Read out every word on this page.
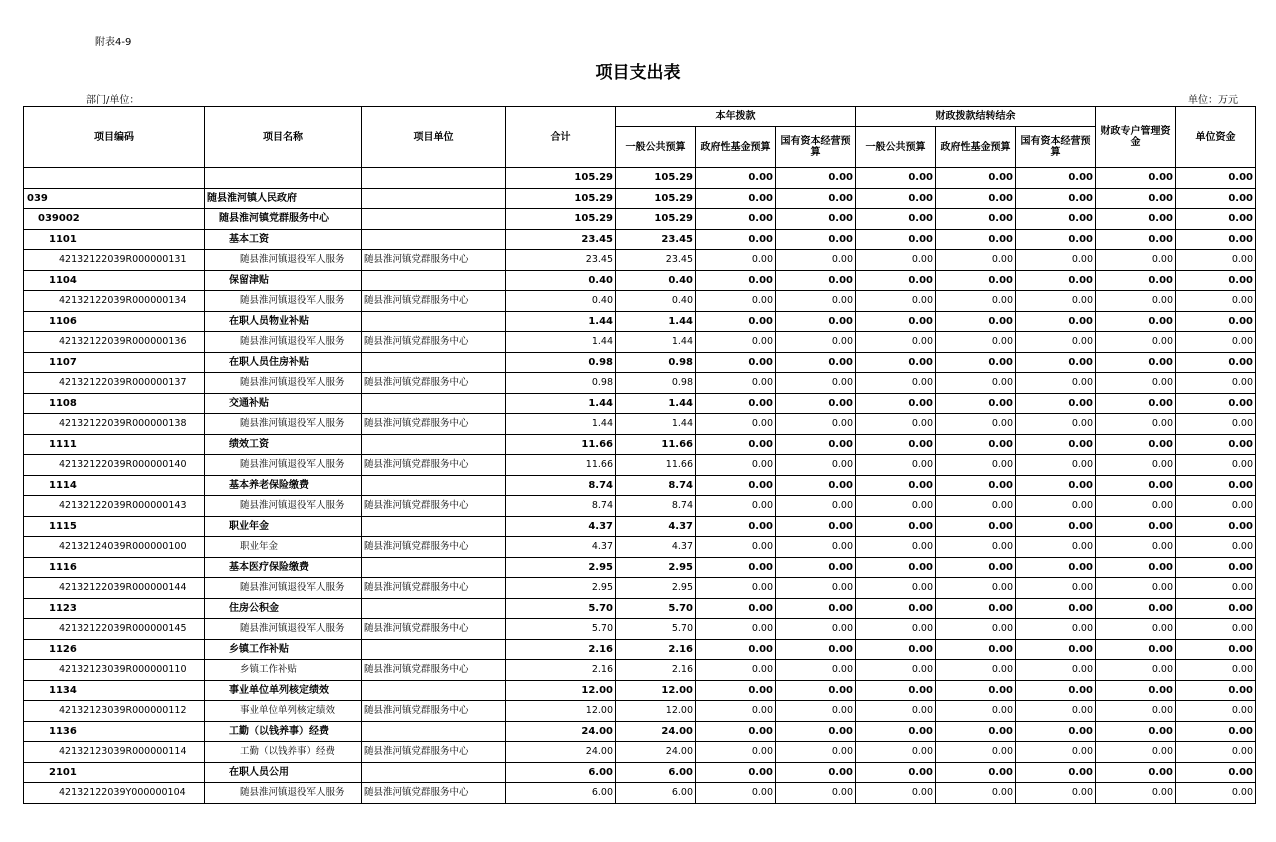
附表4-9
项目支出表
部门/单位：	单位：万元
项目编码	项目名称	项目单位	合计	本年拨款			财政拨款结转结余			财政专户管理资金	单位资金
				一般公共预算	政府性基金预算	国有资本经营预算	一般公共预算	政府性基金预算	国有资本经营预算		
			105.29	105.29	0.00	0.00	0.00	0.00	0.00	0.00	0.00
039	随县淮河镇人民政府		105.29	105.29	0.00	0.00	0.00	0.00	0.00	0.00	0.00
039002	随县淮河镇党群服务中心		105.29	105.29	0.00	0.00	0.00	0.00	0.00	0.00	0.00
1101	基本工资		23.45	23.45	0.00	0.00	0.00	0.00	0.00	0.00	0.00
42132122039R000000131	随县淮河镇退役军人服务	随县淮河镇党群服务中心	23.45	23.45	0.00	0.00	0.00	0.00	0.00	0.00	0.00
1104	保留津贴		0.40	0.40	0.00	0.00	0.00	0.00	0.00	0.00	0.00
42132122039R000000134	随县淮河镇退役军人服务	随县淮河镇党群服务中心	0.40	0.40	0.00	0.00	0.00	0.00	0.00	0.00	0.00
1106	在职人员物业补贴		1.44	1.44	0.00	0.00	0.00	0.00	0.00	0.00	0.00
42132122039R000000136	随县淮河镇退役军人服务	随县淮河镇党群服务中心	1.44	1.44	0.00	0.00	0.00	0.00	0.00	0.00	0.00
1107	在职人员住房补贴		0.98	0.98	0.00	0.00	0.00	0.00	0.00	0.00	0.00
42132122039R000000137	随县淮河镇退役军人服务	随县淮河镇党群服务中心	0.98	0.98	0.00	0.00	0.00	0.00	0.00	0.00	0.00
1108	交通补贴		1.44	1.44	0.00	0.00	0.00	0.00	0.00	0.00	0.00
42132122039R000000138	随县淮河镇退役军人服务	随县淮河镇党群服务中心	1.44	1.44	0.00	0.00	0.00	0.00	0.00	0.00	0.00
1111	绩效工资		11.66	11.66	0.00	0.00	0.00	0.00	0.00	0.00	0.00
42132122039R000000140	随县淮河镇退役军人服务	随县淮河镇党群服务中心	11.66	11.66	0.00	0.00	0.00	0.00	0.00	0.00	0.00
1114	基本养老保险缴费		8.74	8.74	0.00	0.00	0.00	0.00	0.00	0.00	0.00
42132122039R000000143	随县淮河镇退役军人服务	随县淮河镇党群服务中心	8.74	8.74	0.00	0.00	0.00	0.00	0.00	0.00	0.00
1115	职业年金		4.37	4.37	0.00	0.00	0.00	0.00	0.00	0.00	0.00
42132124039R000000100	职业年金	随县淮河镇党群服务中心	4.37	4.37	0.00	0.00	0.00	0.00	0.00	0.00	0.00
1116	基本医疗保险缴费		2.95	2.95	0.00	0.00	0.00	0.00	0.00	0.00	0.00
42132122039R000000144	随县淮河镇退役军人服务	随县淮河镇党群服务中心	2.95	2.95	0.00	0.00	0.00	0.00	0.00	0.00	0.00
1123	住房公积金		5.70	5.70	0.00	0.00	0.00	0.00	0.00	0.00	0.00
42132122039R000000145	随县淮河镇退役军人服务	随县淮河镇党群服务中心	5.70	5.70	0.00	0.00	0.00	0.00	0.00	0.00	0.00
1126	乡镇工作补贴		2.16	2.16	0.00	0.00	0.00	0.00	0.00	0.00	0.00
42132123039R000000110	乡镇工作补贴	随县淮河镇党群服务中心	2.16	2.16	0.00	0.00	0.00	0.00	0.00	0.00	0.00
1134	事业单位单列核定绩效		12.00	12.00	0.00	0.00	0.00	0.00	0.00	0.00	0.00
42132123039R000000112	事业单位单列核定绩效	随县淮河镇党群服务中心	12.00	12.00	0.00	0.00	0.00	0.00	0.00	0.00	0.00
1136	工勤（以钱养事）经费		24.00	24.00	0.00	0.00	0.00	0.00	0.00	0.00	0.00
42132123039R000000114	工勤（以钱养事）经费	随县淮河镇党群服务中心	24.00	24.00	0.00	0.00	0.00	0.00	0.00	0.00	0.00
2101	在职人员公用		6.00	6.00	0.00	0.00	0.00	0.00	0.00	0.00	0.00
42132122039Y000000104	随县淮河镇退役军人服务	随县淮河镇党群服务中心	6.00	6.00	0.00	0.00	0.00	0.00	0.00	0.00	0.00
